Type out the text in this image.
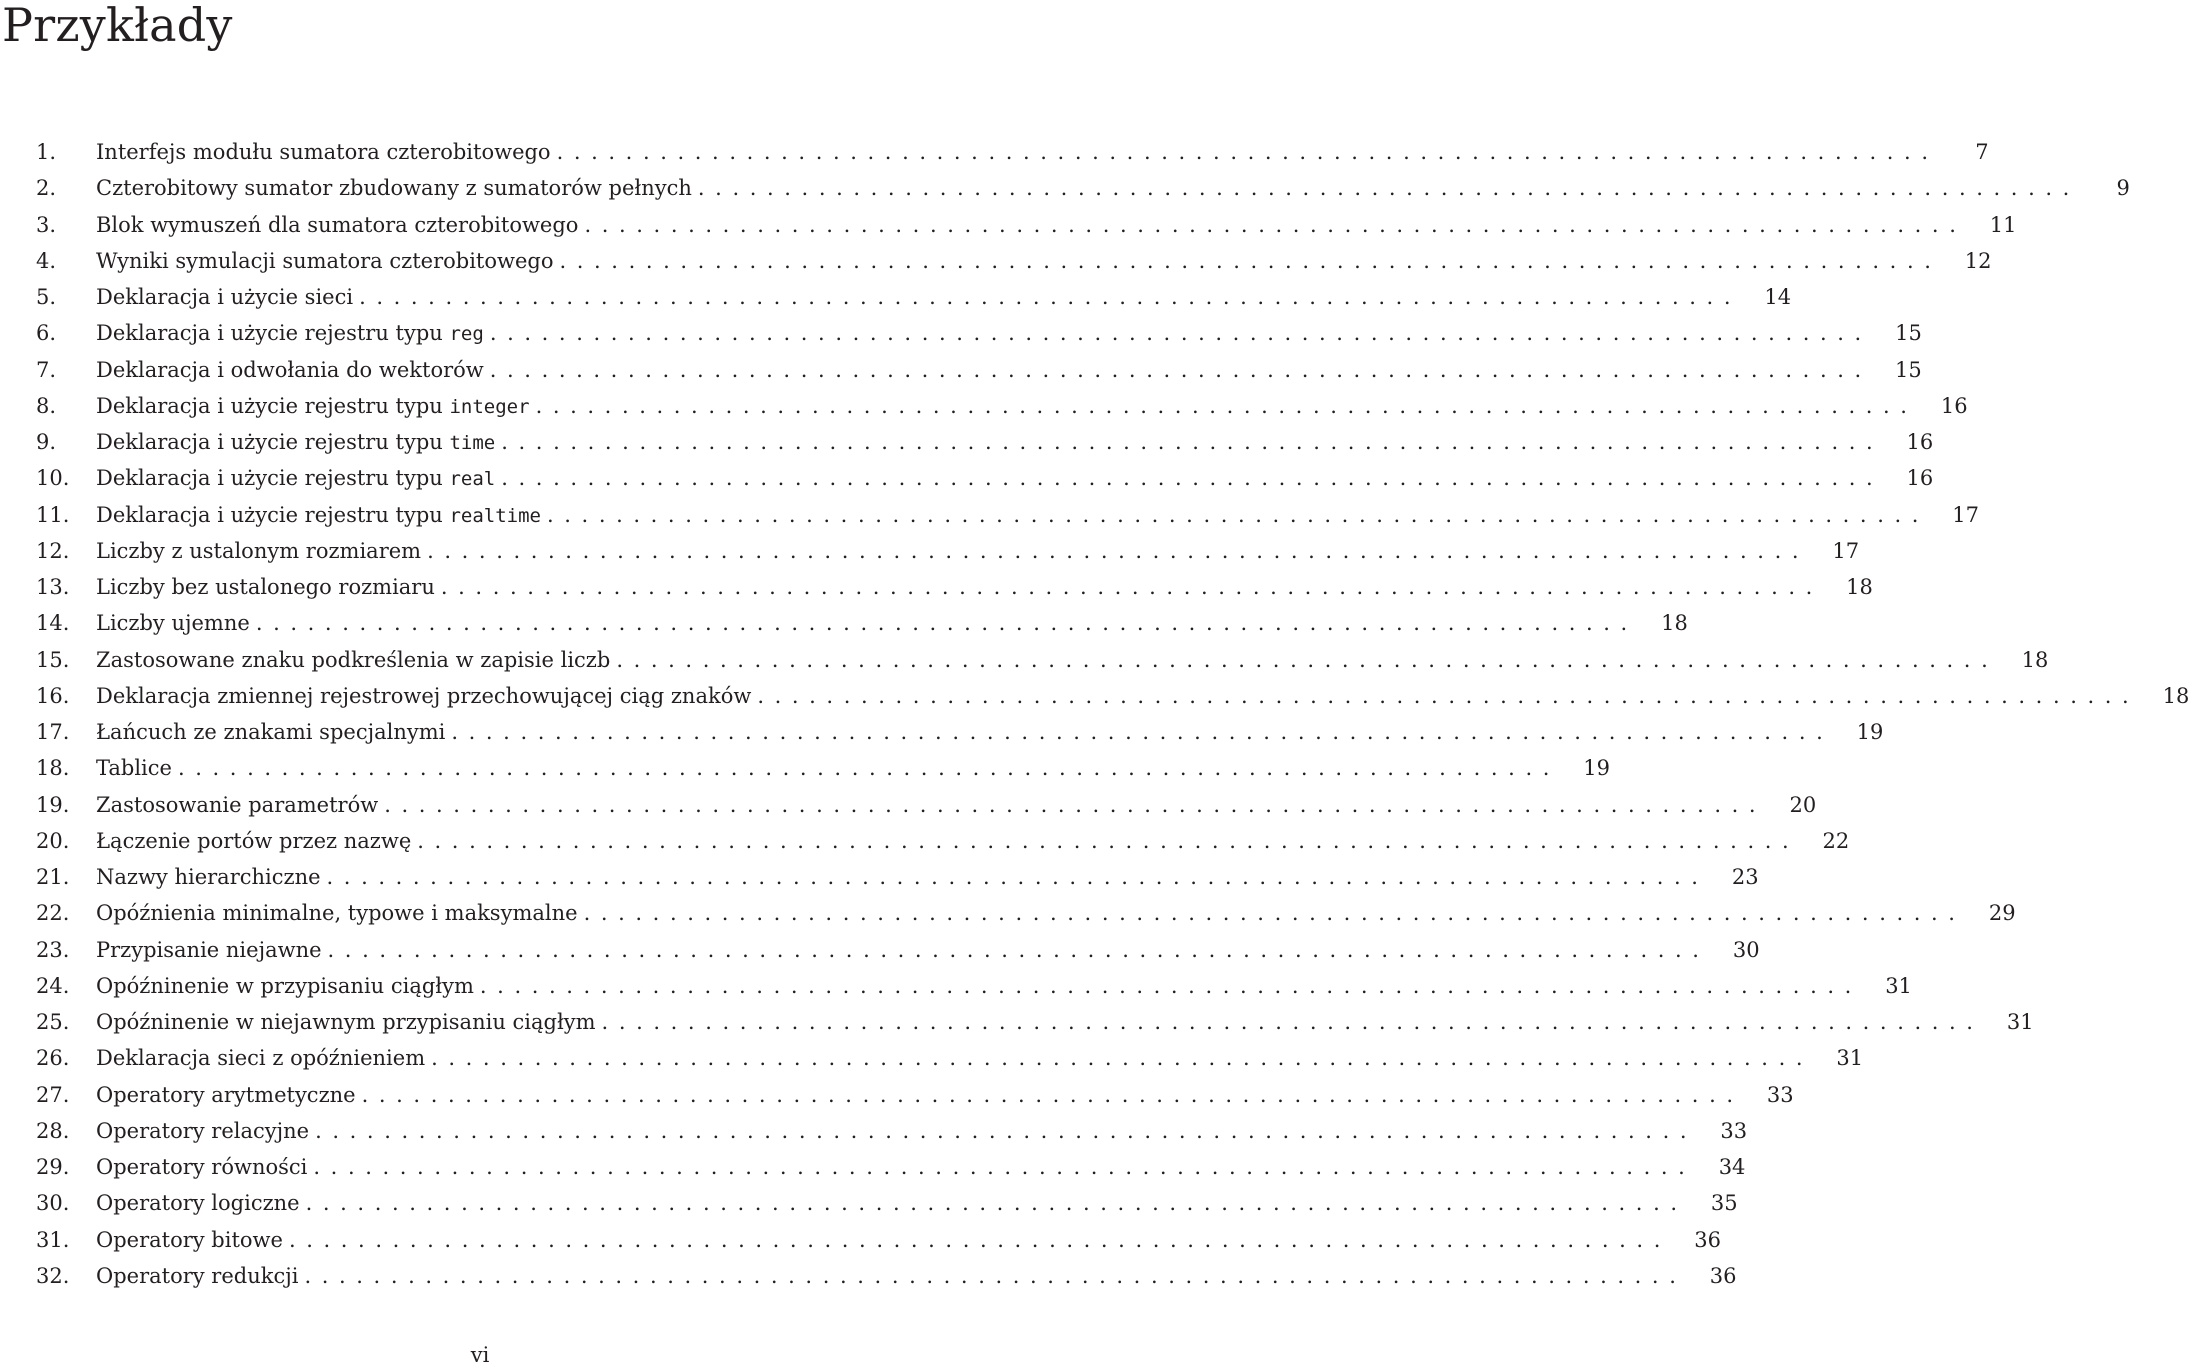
Przykłady
1.	Interfejs modułu sumatora czterobitowego ................................................................................	7
2.	Czterobitowy sumator zbudowany z sumatorów pełnych ................................................................................	9
3.	Blok wymuszeń dla sumatora czterobitowego ................................................................................	11
4.	Wyniki symulacji sumatora czterobitowego ................................................................................	12
5.	Deklaracja i użycie sieci ................................................................................	14
6.	Deklaracja i użycie rejestru typu reg ................................................................................	15
7.	Deklaracja i odwołania do wektorów ................................................................................	15
8.	Deklaracja i użycie rejestru typu integer ................................................................................	16
9.	Deklaracja i użycie rejestru typu time ................................................................................	16
10.	Deklaracja i użycie rejestru typu real ................................................................................	16
11.	Deklaracja i użycie rejestru typu realtime ................................................................................	17
12.	Liczby z ustalonym rozmiarem ................................................................................	17
13.	Liczby bez ustalonego rozmiaru ................................................................................	18
14.	Liczby ujemne ................................................................................	18
15.	Zastosowane znaku podkreślenia w zapisie liczb ................................................................................	18
16.	Deklaracja zmiennej rejestrowej przechowującej ciąg znaków ................................................................................	18
17.	Łańcuch ze znakami specjalnymi ................................................................................	19
18.	Tablice ................................................................................	19
19.	Zastosowanie parametrów ................................................................................	20
20.	Łączenie portów przez nazwę ................................................................................	22
21.	Nazwy hierarchiczne ................................................................................	23
22.	Opóźnienia minimalne, typowe i maksymalne ................................................................................	29
23.	Przypisanie niejawne ................................................................................	30
24.	Opóźninenie w przypisaniu ciągłym ................................................................................	31
25.	Opóźninenie w niejawnym przypisaniu ciągłym ................................................................................	31
26.	Deklaracja sieci z opóźnieniem ................................................................................	31
27.	Operatory arytmetyczne ................................................................................	33
28.	Operatory relacyjne ................................................................................	33
29.	Operatory równości ................................................................................	34
30.	Operatory logiczne ................................................................................	35
31.	Operatory bitowe ................................................................................	36
32.	Operatory redukcji ................................................................................	36
vi
